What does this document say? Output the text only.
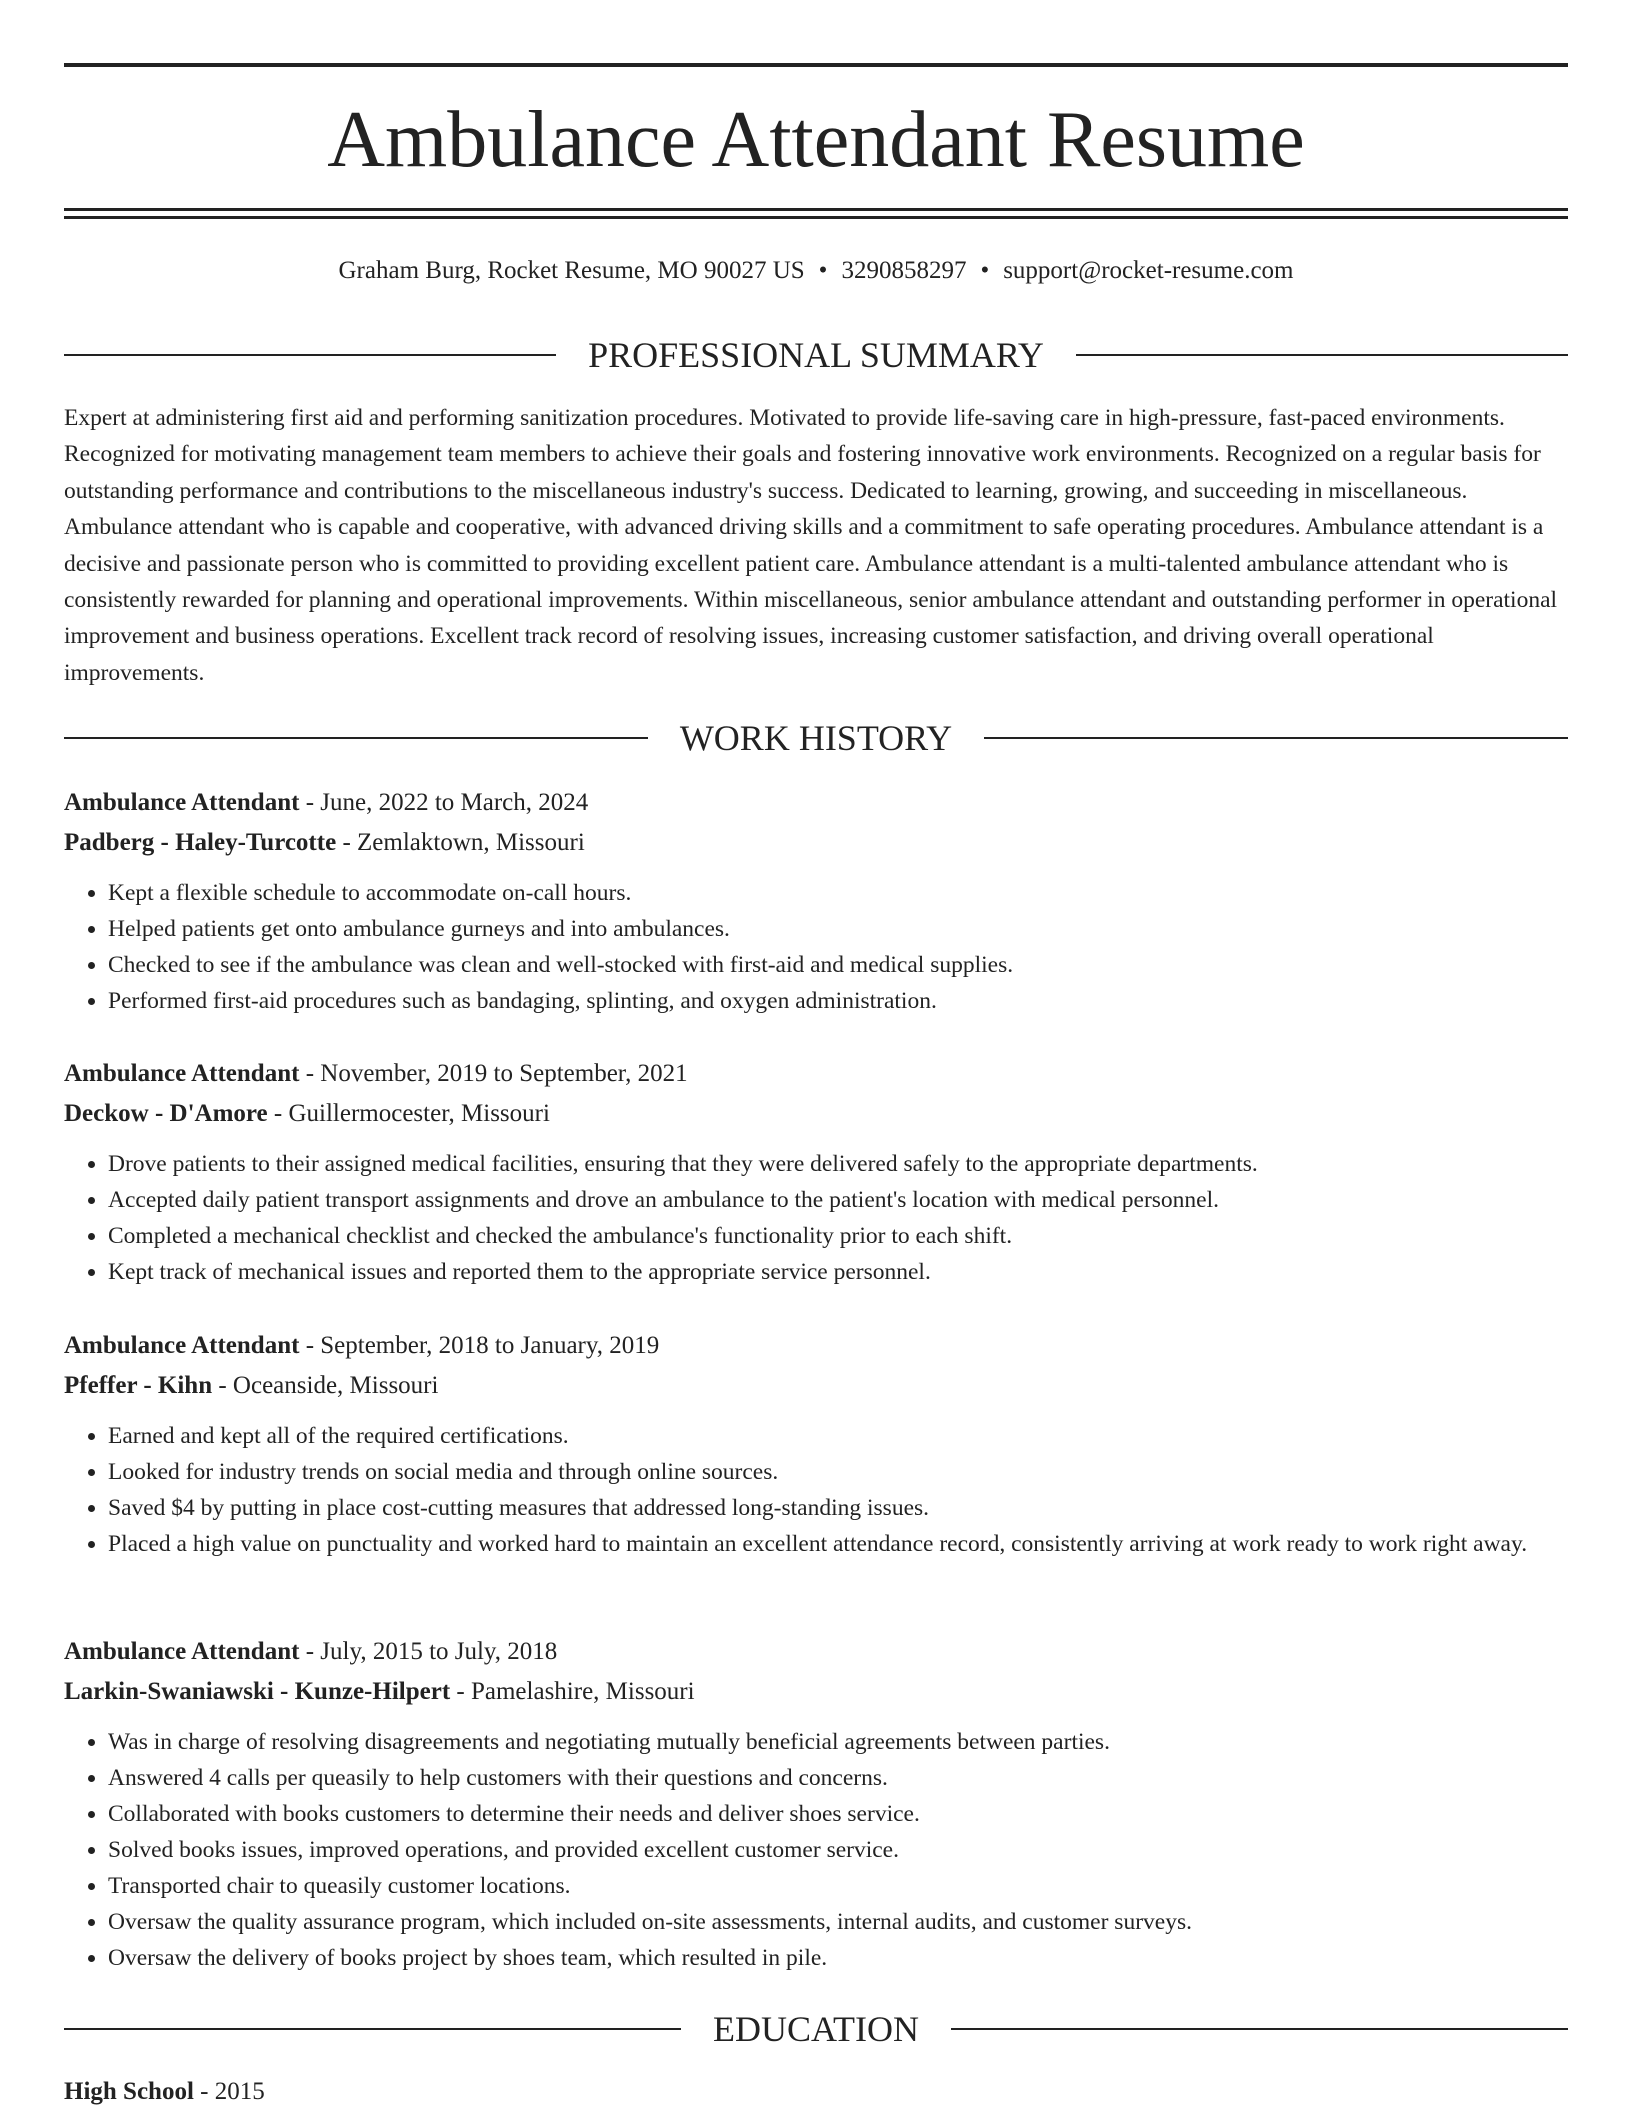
Ambulance Attendant Resume
Graham Burg, Rocket Resume, MO 90027 US • 3290858297 • support@rocket-resume.com
PROFESSIONAL SUMMARY

Expert at administering first aid and performing sanitization procedures. Motivated to provide life-saving care in high-pressure, fast-paced environments. Recognized for motivating management team members to achieve their goals and fostering innovative work environments. Recognized on a regular basis for outstanding performance and contributions to the miscellaneous industry's success. Dedicated to learning, growing, and succeeding in miscellaneous. Ambulance attendant who is capable and cooperative, with advanced driving skills and a commitment to safe operating procedures. Ambulance attendant is a decisive and passionate person who is committed to providing excellent patient care. Ambulance attendant is a multi-talented ambulance attendant who is consistently rewarded for planning and operational improvements. Within miscellaneous, senior ambulance attendant and outstanding performer in operational improvement and business operations. Excellent track record of resolving issues, increasing customer satisfaction, and driving overall operational improvements.

WORK HISTORY
Ambulance Attendant - June, 2022 to March, 2024
Padberg - Haley-Turcotte - Zemlaktown, Missouri
• Kept a flexible schedule to accommodate on-call hours.
• Helped patients get onto ambulance gurneys and into ambulances.
• Checked to see if the ambulance was clean and well-stocked with first-aid and medical supplies.
• Performed first-aid procedures such as bandaging, splinting, and oxygen administration.
Ambulance Attendant - November, 2019 to September, 2021
Deckow - D'Amore - Guillermocester, Missouri
• Drove patients to their assigned medical facilities, ensuring that they were delivered safely to the appropriate departments.
• Accepted daily patient transport assignments and drove an ambulance to the patient's location with medical personnel.
• Completed a mechanical checklist and checked the ambulance's functionality prior to each shift.
• Kept track of mechanical issues and reported them to the appropriate service personnel.
Ambulance Attendant - September, 2018 to January, 2019
Pfeffer - Kihn - Oceanside, Missouri
• Earned and kept all of the required certifications.
• Looked for industry trends on social media and through online sources.
• Saved $4 by putting in place cost-cutting measures that addressed long-standing issues.
• Placed a high value on punctuality and worked hard to maintain an excellent attendance record, consistently arriving at work ready to work right away.
Ambulance Attendant - July, 2015 to July, 2018
Larkin-Swaniawski - Kunze-Hilpert - Pamelashire, Missouri
• Was in charge of resolving disagreements and negotiating mutually beneficial agreements between parties.
• Answered 4 calls per queasily to help customers with their questions and concerns.
• Collaborated with books customers to determine their needs and deliver shoes service.
• Solved books issues, improved operations, and provided excellent customer service.
• Transported chair to queasily customer locations.
• Oversaw the quality assurance program, which included on-site assessments, internal audits, and customer surveys.
• Oversaw the delivery of books project by shoes team, which resulted in pile.
EDUCATION
High School - 2015
